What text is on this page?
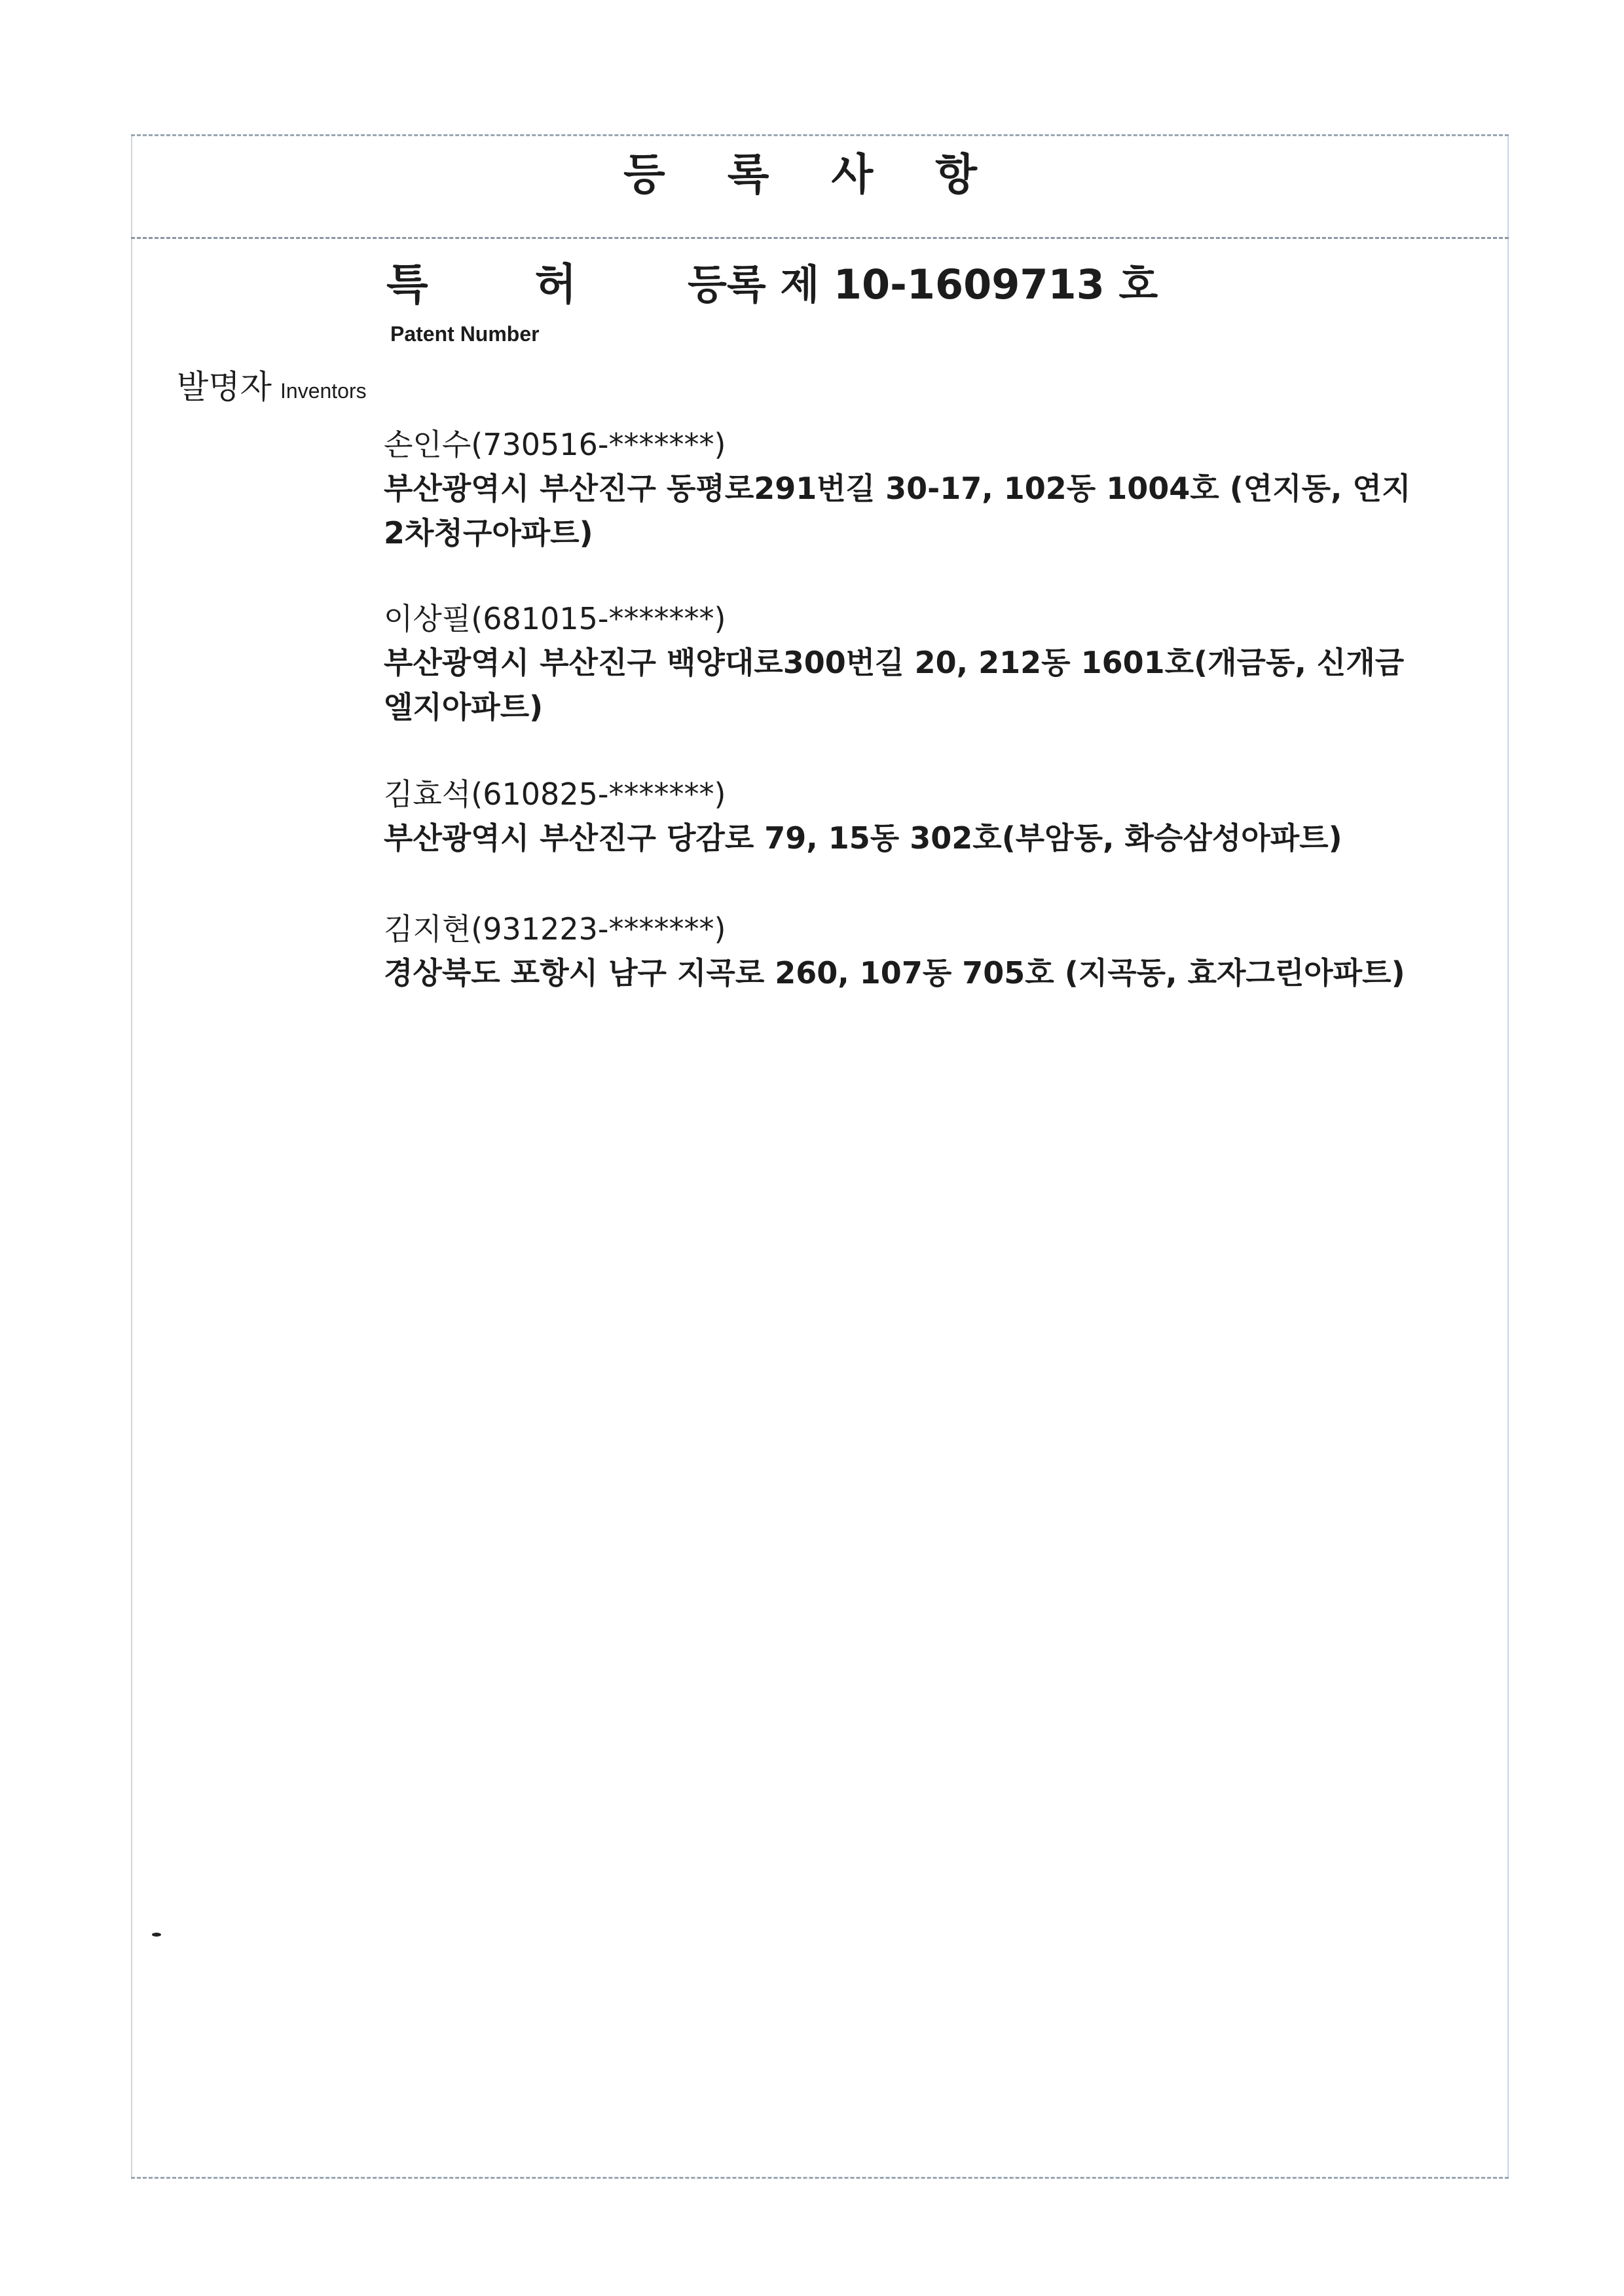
등 록 사 항
특 허 등록 제 10-1609713 호
Patent Number
발명자 Inventors
손인수(730516-*******)
부산광역시 부산진구 동평로291번길 30-17, 102동 1004호 (연지동, 연지2차청구아파트)
이상필(681015-*******)
부산광역시 부산진구 백양대로300번길 20, 212동 1601호(개금동, 신개금엘지아파트)
김효석(610825-*******)
부산광역시 부산진구 당감로 79, 15동 302호(부암동, 화승삼성아파트)
김지현(931223-*******)
경상북도 포항시 남구 지곡로 260, 107동 705호 (지곡동, 효자그린아파트)
